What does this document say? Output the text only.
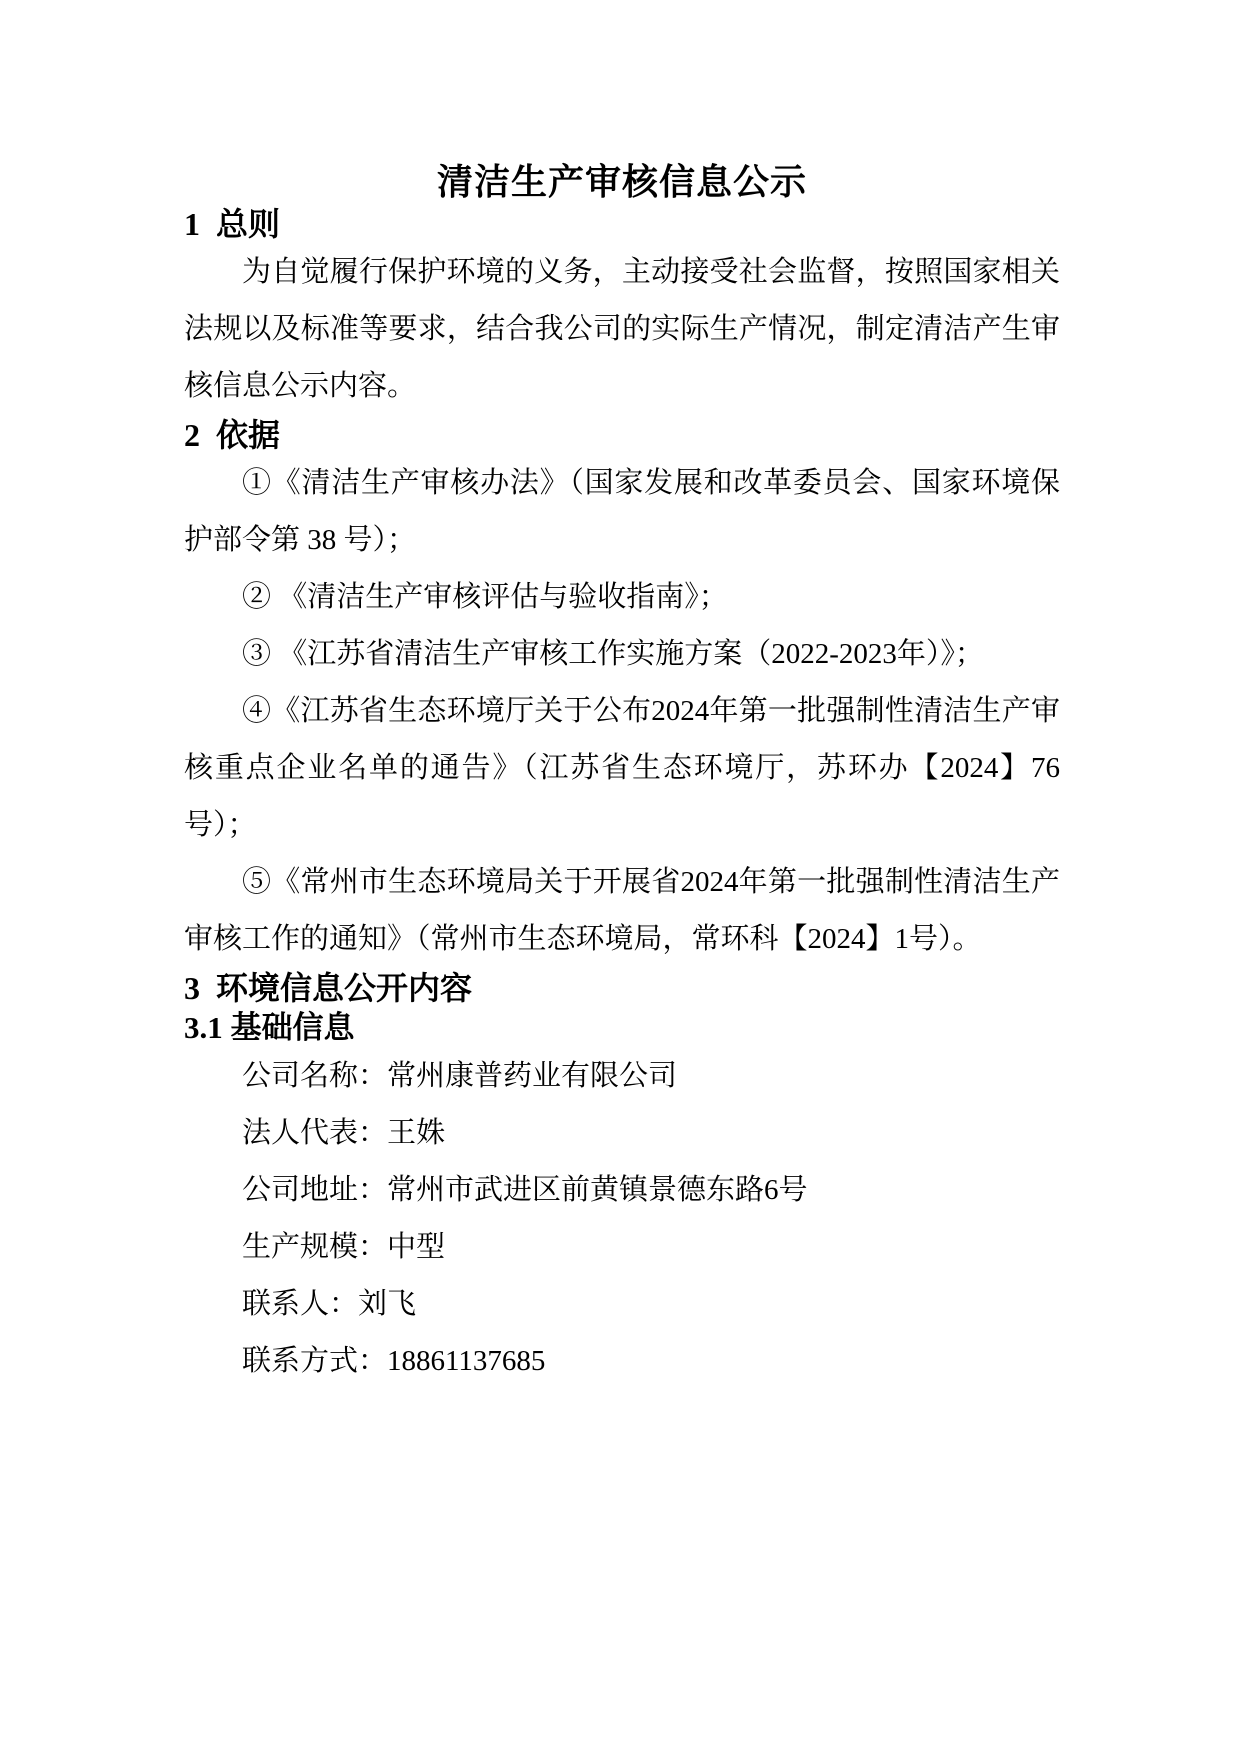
清洁生产审核信息公示
1  总则

为自觉履行保护环境的义务，主动接受社会监督，按照国家相关法规以及标准等要求，结合我公司的实际生产情况，制定清洁产生审核信息公示内容。

2  依据

①《清洁生产审核办法》（国家发展和改革委员会、国家环境保护部令第 38 号）；

② 《清洁生产审核评估与验收指南》；

③ 《江苏省清洁生产审核工作实施方案（2022-2023年）》；

④《江苏省生态环境厅关于公布2024年第一批强制性清洁生产审核重点企业名单的通告》（江苏省生态环境厅，苏环办【2024】76号）；

⑤《常州市生态环境局关于开展省2024年第一批强制性清洁生产审核工作的通知》（常州市生态环境局，常环科【2024】1号）。

3  环境信息公开内容
3.1 基础信息

公司名称：常州康普药业有限公司

法人代表：王姝

公司地址：常州市武进区前黄镇景德东路6号

生产规模：中型

联系人：刘飞

联系方式：18861137685
